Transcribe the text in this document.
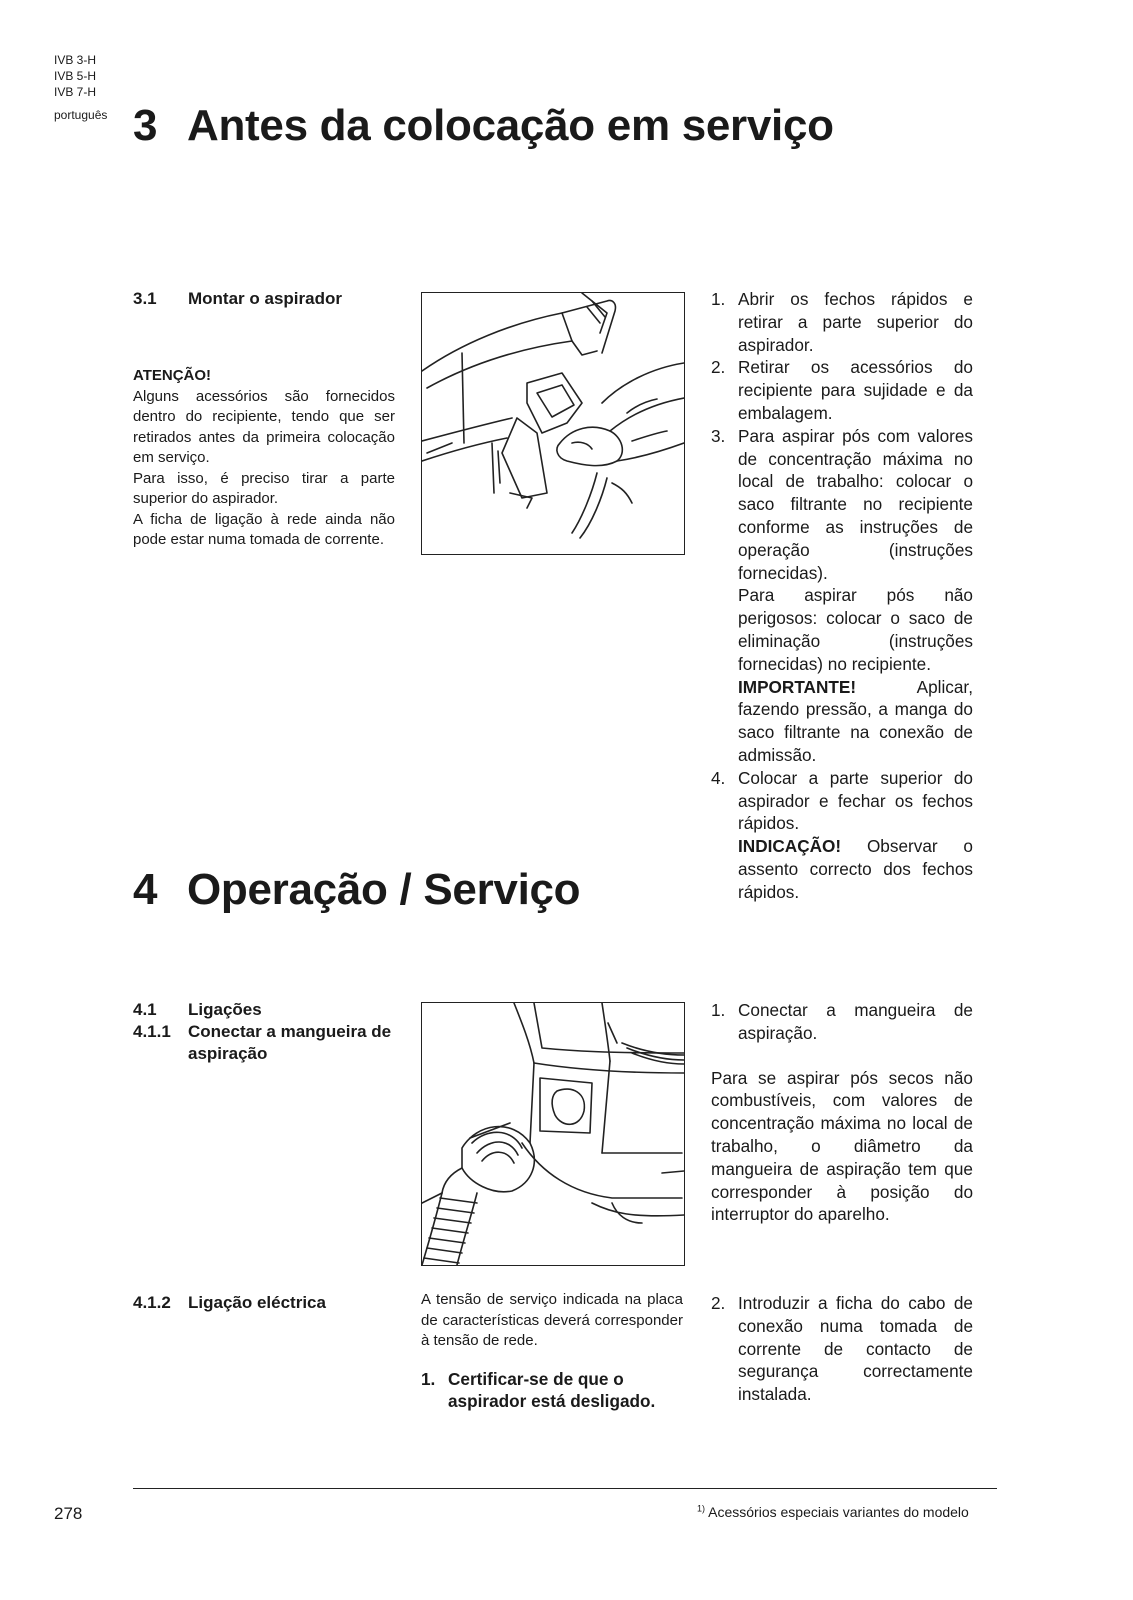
IVB 3-H
IVB 5-H
IVB 7-H
português 3 Antes da colocação em serviço
3.1 Montar o aspirador

ATENÇÃO!

Alguns acessórios são fornecidos dentro do recipiente, tendo que ser retirados antes da primeira colocação em serviço.

Para isso, é preciso tirar a parte superior do aspirador.

A ficha de ligação à rede ainda não pode estar numa tomada de corrente.

1. Abrir os fechos rápidos e retirar a parte superior do aspirador.
2. Retirar os acessórios do recipiente para sujidade e da embalagem.
3. Para aspirar pós com valores de concentração máxima no local de trabalho: colocar o saco filtrante no recipiente conforme as instruções de operação (instruções fornecidas).

Para aspirar pós não perigosos: colocar o saco de eliminação (instruções fornecidas) no recipiente.

IMPORTANTE! Aplicar, fazendo pressão, a manga do saco filtrante na conexão de admissão.

4. Colocar a parte superior do aspirador e fechar os fechos rápidos.

INDICAÇÃO! Observar o assento correcto dos fechos rápidos.

4 Operação / Serviço
4.1 Ligações
4.1.1	Conectar a mangueira de aspiração
1. Conectar a mangueira de aspiração.

Para se aspirar pós secos não combustíveis, com valores de concentração máxima no local de trabalho, o diâmetro da mangueira de aspiração tem que corresponder à posição do interruptor do aparelho.

4.1.2 Ligação eléctrica	A tensão de serviço indicada na placa de características deverá corresponder à tensão de rede.
1. Certificar-se de que o aspirador está desligado.
2. Introduzir a ficha do cabo de conexão numa tomada de corrente de contacto de segurança correctamente instalada.
278	$^{1)}$ Acessórios especiais variantes do modelo
